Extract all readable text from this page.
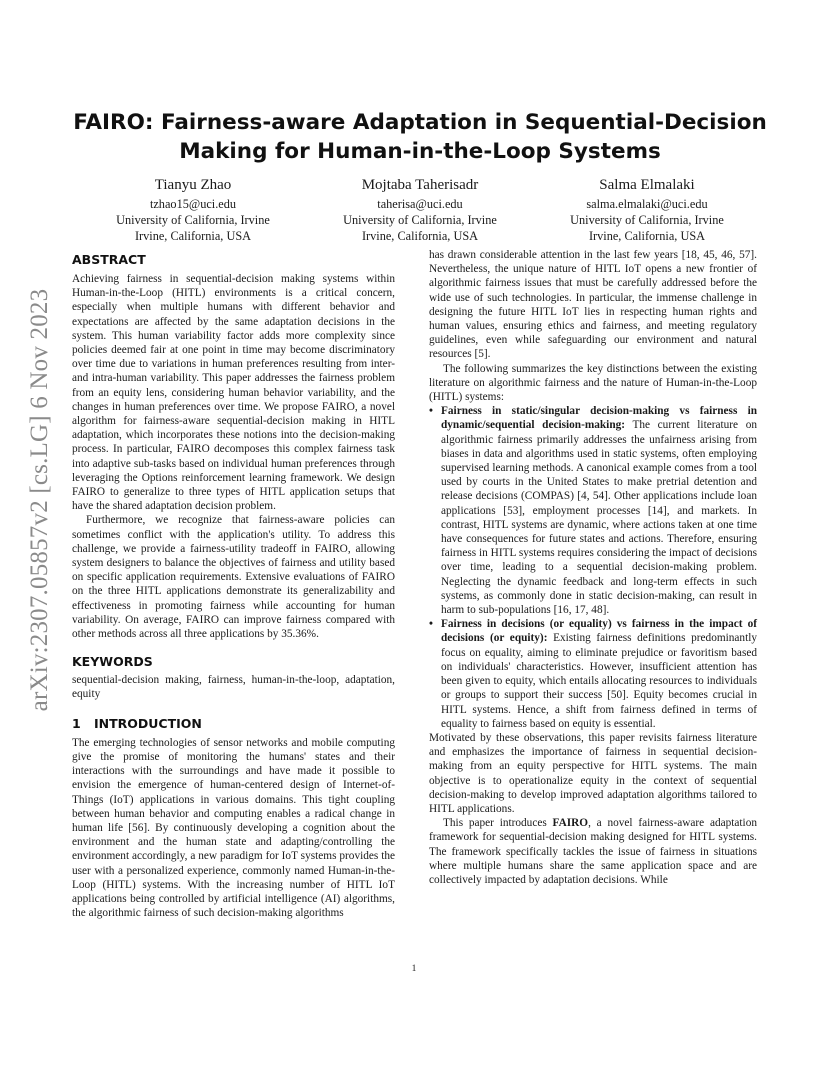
arXiv:2307.05857v2 [cs.LG] 6 Nov 2023
FAIRO: Fairness-aware Adaptation in Sequential-Decision
Making for Human-in-the-Loop Systems
Tianyu Zhao
tzhao15@uci.edu
University of California, Irvine
Irvine, California, USA
Mojtaba Taherisadr
taherisa@uci.edu
University of California, Irvine
Irvine, California, USA
Salma Elmalaki
salma.elmalaki@uci.edu
University of California, Irvine
Irvine, California, USA
ABSTRACT

Achieving fairness in sequential-decision making systems within Human-in-the-Loop (HITL) environments is a critical concern, especially when multiple humans with different behavior and expectations are affected by the same adaptation decisions in the system. This human variability factor adds more complexity since policies deemed fair at one point in time may become discriminatory over time due to variations in human preferences resulting from inter- and intra-human variability. This paper addresses the fairness problem from an equity lens, considering human behavior variability, and the changes in human preferences over time. We propose FAIRO, a novel algorithm for fairness-aware sequential-decision making in HITL adaptation, which incorporates these notions into the decision-making process. In particular, FAIRO decomposes this complex fairness task into adaptive sub-tasks based on individual human preferences through leveraging the Options reinforcement learning framework. We design FAIRO to generalize to three types of HITL application setups that have the shared adaptation decision problem.

Furthermore, we recognize that fairness-aware policies can sometimes conflict with the application's utility. To address this challenge, we provide a fairness-utility tradeoff in FAIRO, allowing system designers to balance the objectives of fairness and utility based on specific application requirements. Extensive evaluations of FAIRO on the three HITL applications demonstrate its generalizability and effectiveness in promoting fairness while accounting for human variability. On average, FAIRO can improve fairness compared with other methods across all three applications by 35.36%.

KEYWORDS

sequential-decision making, fairness, human-in-the-loop, adaptation, equity

1 INTRODUCTION

The emerging technologies of sensor networks and mobile computing give the promise of monitoring the humans' states and their interactions with the surroundings and have made it possible to envision the emergence of human-centered design of Internet-of-Things (IoT) applications in various domains. This tight coupling between human behavior and computing enables a radical change in human life [56]. By continuously developing a cognition about the environment and the human state and adapting/controlling the environment accordingly, a new paradigm for IoT systems provides the user with a personalized experience, commonly named Human-in-the-Loop (HITL) systems. With the increasing number of HITL IoT applications being controlled by artificial intelligence (AI) algorithms, the algorithmic fairness of such decision-making algorithms

has drawn considerable attention in the last few years [18, 45, 46, 57]. Nevertheless, the unique nature of HITL IoT opens a new frontier of algorithmic fairness issues that must be carefully addressed before the wide use of such technologies. In particular, the immense challenge in designing the future HITL IoT lies in respecting human rights and human values, ensuring ethics and fairness, and meeting regulatory guidelines, even while safeguarding our environment and natural resources [5].

The following summarizes the key distinctions between the existing literature on algorithmic fairness and the nature of Human-in-the-Loop (HITL) systems:

• Fairness in static/singular decision-making vs fairness in dynamic/sequential decision-making: The current literature on algorithmic fairness primarily addresses the unfairness arising from biases in data and algorithms used in static systems, often employing supervised learning methods. A canonical example comes from a tool used by courts in the United States to make pretrial detention and release decisions (COMPAS) [4, 54]. Other applications include loan applications [53], employment processes [14], and markets. In contrast, HITL systems are dynamic, where actions taken at one time have consequences for future states and actions. Therefore, ensuring fairness in HITL systems requires considering the impact of decisions over time, leading to a sequential decision-making problem. Neglecting the dynamic feedback and long-term effects in such systems, as commonly done in static decision-making, can result in harm to sub-populations [16, 17, 48].
• Fairness in decisions (or equality) vs fairness in the impact of decisions (or equity): Existing fairness definitions predominantly focus on equality, aiming to eliminate prejudice or favoritism based on individuals' characteristics. However, insufficient attention has been given to equity, which entails allocating resources to individuals or groups to support their success [50]. Equity becomes crucial in HITL systems. Hence, a shift from fairness defined in terms of equality to fairness based on equity is essential.

Motivated by these observations, this paper revisits fairness literature and emphasizes the importance of fairness in sequential decision-making from an equity perspective for HITL systems. The main objective is to operationalize equity in the context of sequential decision-making to develop improved adaptation algorithms tailored to HITL applications.

This paper introduces FAIRO, a novel fairness-aware adaptation framework for sequential-decision making designed for HITL systems. The framework specifically tackles the issue of fairness in situations where multiple humans share the same application space and are collectively impacted by adaptation decisions. While

1
